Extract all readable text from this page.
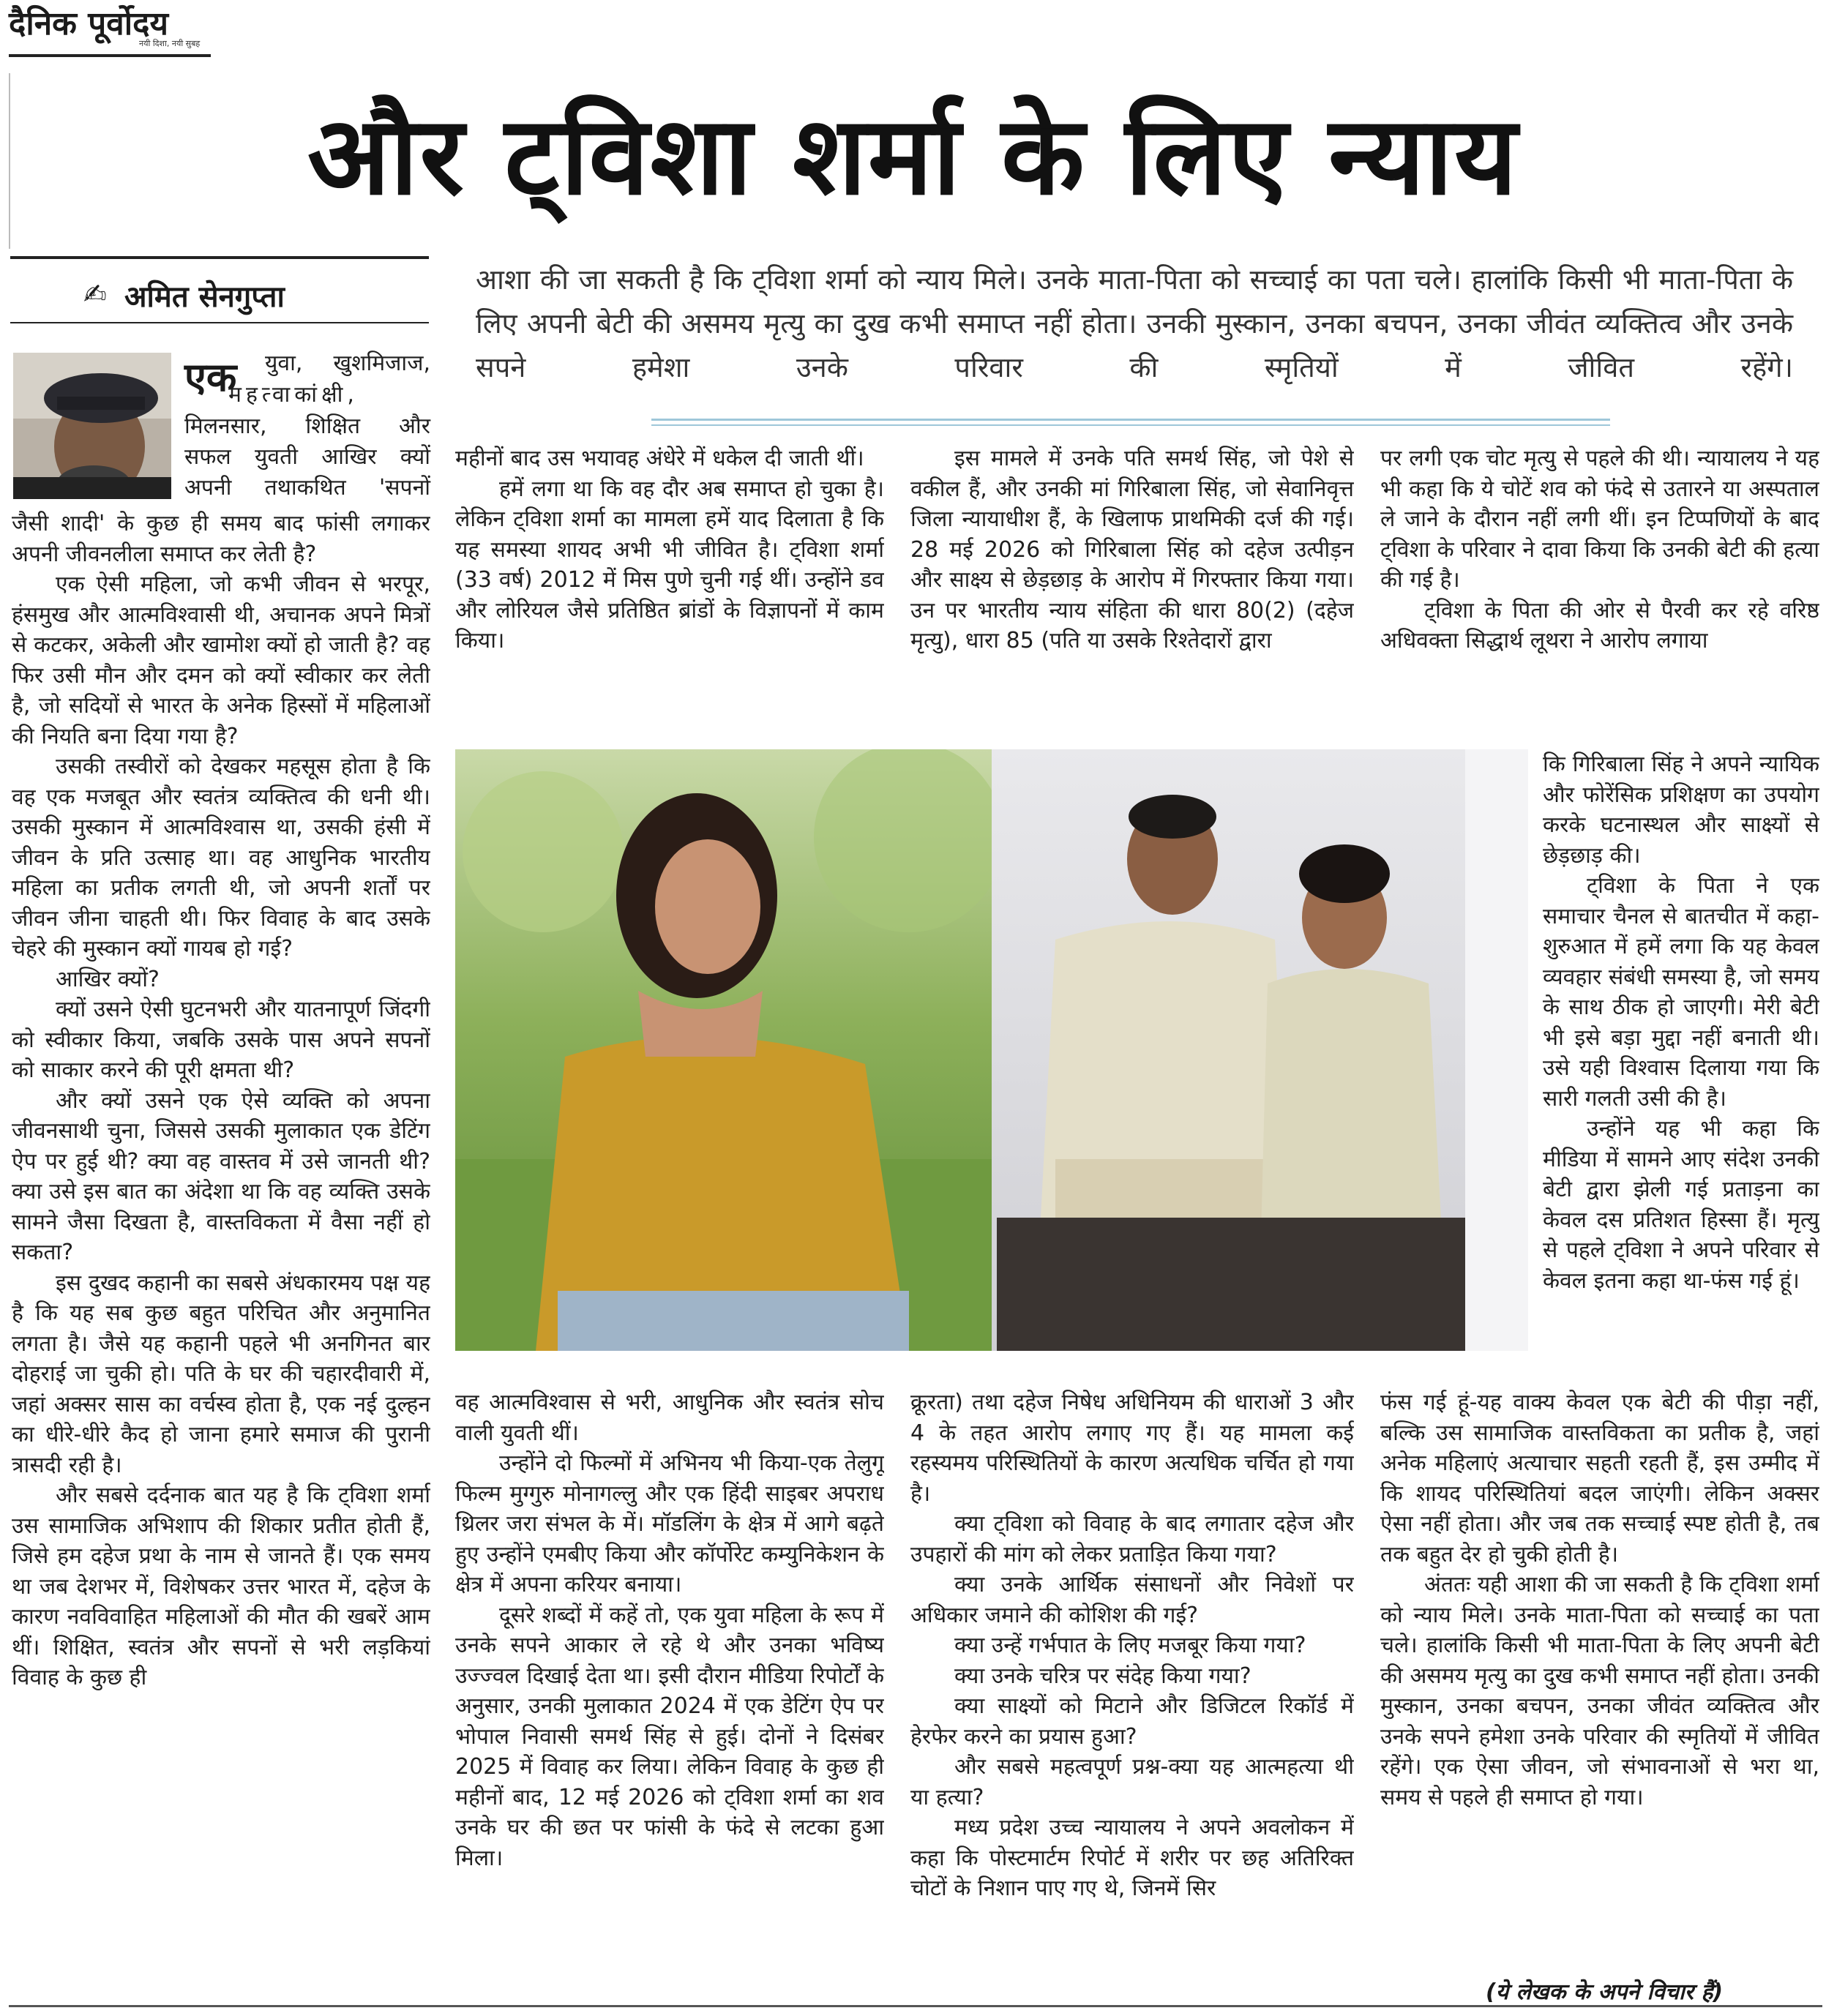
दैनिक पूर्वोदय
नयी दिशा, नयी सुबह
और ट्विशा शर्मा के लिए न्याय
✍ अमित सेनगुप्ता
आशा की जा सकती है कि ट्विशा शर्मा को न्याय मिले। उनके माता-पिता को सच्चाई का पता चले। हालांकि किसी भी माता-पिता के लिए अपनी बेटी की असमय मृत्यु का दुख कभी समाप्त नहीं होता। उनकी मुस्कान, उनका बचपन, उनका जीवंत व्यक्तित्व और उनके सपने हमेशा उनके परिवार की स्मृतियों में जीवित रहेंगे।
एक युवा, खुशमिजाज,
महत्वाकांक्षी,
मिलनसार, शिक्षित और
सफल युवती आखिर क्यों
अपनी तथाकथित 'सपनों

जैसी शादी' के कुछ ही समय बाद फांसी लगाकर अपनी जीवनलीला समाप्त कर लेती है?

एक ऐसी महिला, जो कभी जीवन से भरपूर, हंसमुख और आत्मविश्वासी थी, अचानक अपने मित्रों से कटकर, अकेली और खामोश क्यों हो जाती है? वह फिर उसी मौन और दमन को क्यों स्वीकार कर लेती है, जो सदियों से भारत के अनेक हिस्सों में महिलाओं की नियति बना दिया गया है?

उसकी तस्वीरों को देखकर महसूस होता है कि वह एक मजबूत और स्वतंत्र व्यक्तित्व की धनी थी। उसकी मुस्कान में आत्मविश्वास था, उसकी हंसी में जीवन के प्रति उत्साह था। वह आधुनिक भारतीय महिला का प्रतीक लगती थी, जो अपनी शर्तों पर जीवन जीना चाहती थी। फिर विवाह के बाद उसके चेहरे की मुस्कान क्यों गायब हो गई?

आखिर क्यों?

क्यों उसने ऐसी घुटनभरी और यातनापूर्ण जिंदगी को स्वीकार किया, जबकि उसके पास अपने सपनों को साकार करने की पूरी क्षमता थी?

और क्यों उसने एक ऐसे व्यक्ति को अपना जीवनसाथी चुना, जिससे उसकी मुलाकात एक डेटिंग ऐप पर हुई थी? क्या वह वास्तव में उसे जानती थी? क्या उसे इस बात का अंदेशा था कि वह व्यक्ति उसके सामने जैसा दिखता है, वास्तविकता में वैसा नहीं हो सकता?

इस दुखद कहानी का सबसे अंधकारमय पक्ष यह है कि यह सब कुछ बहुत परिचित और अनुमानित लगता है। जैसे यह कहानी पहले भी अनगिनत बार दोहराई जा चुकी हो। पति के घर की चहारदीवारी में, जहां अक्सर सास का वर्चस्व होता है, एक नई दुल्हन का धीरे-धीरे कैद हो जाना हमारे समाज की पुरानी त्रासदी रही है।

और सबसे दर्दनाक बात यह है कि ट्विशा शर्मा उस सामाजिक अभिशाप की शिकार प्रतीत होती हैं, जिसे हम दहेज प्रथा के नाम से जानते हैं। एक समय था जब देशभर में, विशेषकर उत्तर भारत में, दहेज के कारण नवविवाहित महिलाओं की मौत की खबरें आम थीं। शिक्षित, स्वतंत्र और सपनों से भरी लड़कियां विवाह के कुछ ही

महीनों बाद उस भयावह अंधेरे में धकेल दी जाती थीं।

हमें लगा था कि वह दौर अब समाप्त हो चुका है। लेकिन ट्विशा शर्मा का मामला हमें याद दिलाता है कि यह समस्या शायद अभी भी जीवित है। ट्विशा शर्मा (33 वर्ष) 2012 में मिस पुणे चुनी गई थीं। उन्होंने डव और लोरियल जैसे प्रतिष्ठित ब्रांडों के विज्ञापनों में काम किया।

इस मामले में उनके पति समर्थ सिंह, जो पेशे से वकील हैं, और उनकी मां गिरिबाला सिंह, जो सेवानिवृत्त जिला न्यायाधीश हैं, के खिलाफ प्राथमिकी दर्ज की गई। 28 मई 2026 को गिरिबाला सिंह को दहेज उत्पीड़न और साक्ष्य से छेड़छाड़ के आरोप में गिरफ्तार किया गया। उन पर भारतीय न्याय संहिता की धारा 80(2) (दहेज मृत्यु), धारा 85 (पति या उसके रिश्तेदारों द्वारा

पर लगी एक चोट मृत्यु से पहले की थी। न्यायालय ने यह भी कहा कि ये चोटें शव को फंदे से उतारने या अस्पताल ले जाने के दौरान नहीं लगी थीं। इन टिप्पणियों के बाद ट्विशा के परिवार ने दावा किया कि उनकी बेटी की हत्या की गई है।

ट्विशा के पिता की ओर से पैरवी कर रहे वरिष्ठ अधिवक्ता सिद्धार्थ लूथरा ने आरोप लगाया

कि गिरिबाला सिंह ने अपने न्यायिक और फोरेंसिक प्रशिक्षण का उपयोग करके घटनास्थल और साक्ष्यों से छेड़छाड़ की।

ट्विशा के पिता ने एक समाचार चैनल से बातचीत में कहा- शुरुआत में हमें लगा कि यह केवल व्यवहार संबंधी समस्या है, जो समय के साथ ठीक हो जाएगी। मेरी बेटी भी इसे बड़ा मुद्दा नहीं बनाती थी। उसे यही विश्वास दिलाया गया कि सारी गलती उसी की है।

उन्होंने यह भी कहा कि मीडिया में सामने आए संदेश उनकी बेटी द्वारा झेली गई प्रताड़ना का केवल दस प्रतिशत हिस्सा हैं। मृत्यु से पहले ट्विशा ने अपने परिवार से केवल इतना कहा था-फंस गई हूं।

वह आत्मविश्वास से भरी, आधुनिक और स्वतंत्र सोच वाली युवती थीं।

उन्होंने दो फिल्मों में अभिनय भी किया-एक तेलुगू फिल्म मुग्गुरु मोनागल्लु और एक हिंदी साइबर अपराध थ्रिलर जरा संभल के में। मॉडलिंग के क्षेत्र में आगे बढ़ते हुए उन्होंने एमबीए किया और कॉर्पोरेट कम्युनिकेशन के क्षेत्र में अपना करियर बनाया।

दूसरे शब्दों में कहें तो, एक युवा महिला के रूप में उनके सपने आकार ले रहे थे और उनका भविष्य उज्ज्वल दिखाई देता था। इसी दौरान मीडिया रिपोर्टों के अनुसार, उनकी मुलाकात 2024 में एक डेटिंग ऐप पर भोपाल निवासी समर्थ सिंह से हुई। दोनों ने दिसंबर 2025 में विवाह कर लिया। लेकिन विवाह के कुछ ही महीनों बाद, 12 मई 2026 को ट्विशा शर्मा का शव उनके घर की छत पर फांसी के फंदे से लटका हुआ मिला।

क्रूरता) तथा दहेज निषेध अधिनियम की धाराओं 3 और 4 के तहत आरोप लगाए गए हैं। यह मामला कई रहस्यमय परिस्थितियों के कारण अत्यधिक चर्चित हो गया है।

क्या ट्विशा को विवाह के बाद लगातार दहेज और उपहारों की मांग को लेकर प्रताड़ित किया गया?

क्या उनके आर्थिक संसाधनों और निवेशों पर अधिकार जमाने की कोशिश की गई?

क्या उन्हें गर्भपात के लिए मजबूर किया गया?

क्या उनके चरित्र पर संदेह किया गया?

क्या साक्ष्यों को मिटाने और डिजिटल रिकॉर्ड में हेरफेर करने का प्रयास हुआ?

और सबसे महत्वपूर्ण प्रश्न-क्या यह आत्महत्या थी या हत्या?

मध्य प्रदेश उच्च न्यायालय ने अपने अवलोकन में कहा कि पोस्टमार्टम रिपोर्ट में शरीर पर छह अतिरिक्त चोटों के निशान पाए गए थे, जिनमें सिर

फंस गई हूं-यह वाक्य केवल एक बेटी की पीड़ा नहीं, बल्कि उस सामाजिक वास्तविकता का प्रतीक है, जहां अनेक महिलाएं अत्याचार सहती रहती हैं, इस उम्मीद में कि शायद परिस्थितियां बदल जाएंगी। लेकिन अक्सर ऐसा नहीं होता। और जब तक सच्चाई स्पष्ट होती है, तब तक बहुत देर हो चुकी होती है।

अंततः यही आशा की जा सकती है कि ट्विशा शर्मा को न्याय मिले। उनके माता-पिता को सच्चाई का पता चले। हालांकि किसी भी माता-पिता के लिए अपनी बेटी की असमय मृत्यु का दुख कभी समाप्त नहीं होता। उनकी मुस्कान, उनका बचपन, उनका जीवंत व्यक्तित्व और उनके सपने हमेशा उनके परिवार की स्मृतियों में जीवित रहेंगे। एक ऐसा जीवन, जो संभावनाओं से भरा था, समय से पहले ही समाप्त हो गया।

(ये लेखक के अपने विचार हैं)
